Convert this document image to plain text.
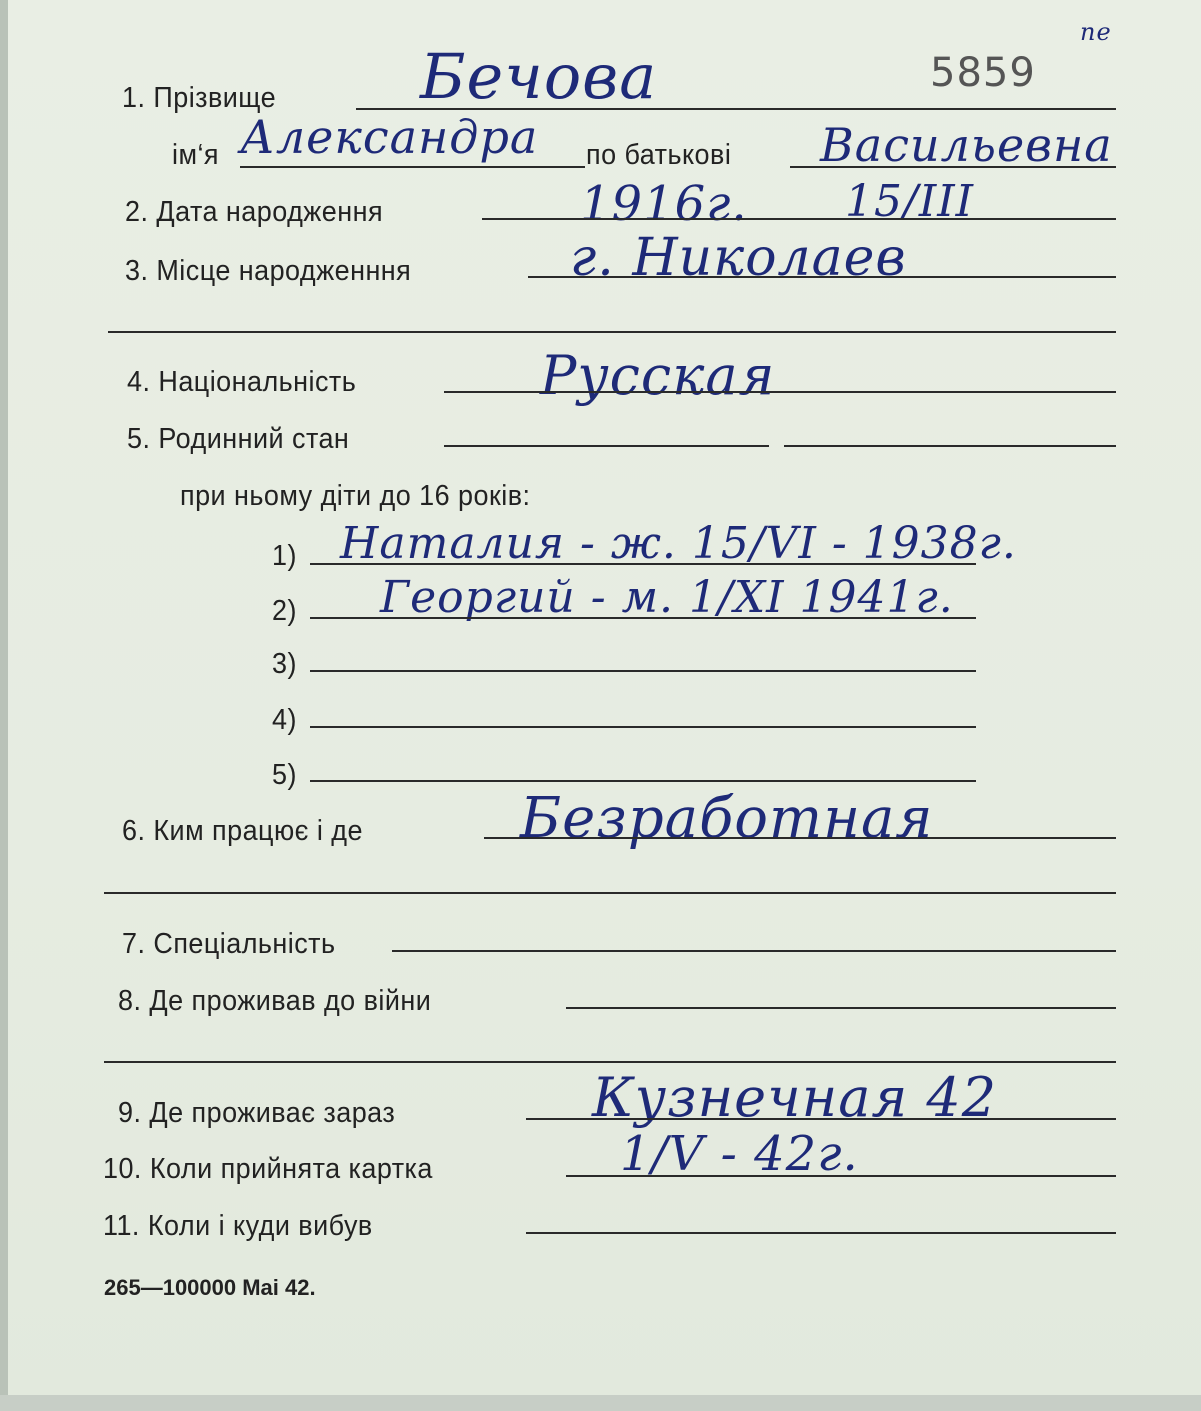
5859
пе
1. Прізвище Бечова
ім‘я Александра по батькові Васильевна
2. Дата народження	1916г. 15/III
3. Місце народженння	г. Николаев
4. Національність	Русская
5. Родинний стан
при ньому діти до 16 років:
1) Наталия - ж. 15/VI - 1938г.
2) Георгий - м. 1/XI 1941г.
3)
4)
5)
6. Ким працює і де	Безработная
7. Спеціальність
8. Де проживав до війни
9. Де проживає зараз	Кузнечная 42
10. Коли прийнята картка	1/V - 42г.
11. Коли і куди вибув
265—100000 Mai 42.
